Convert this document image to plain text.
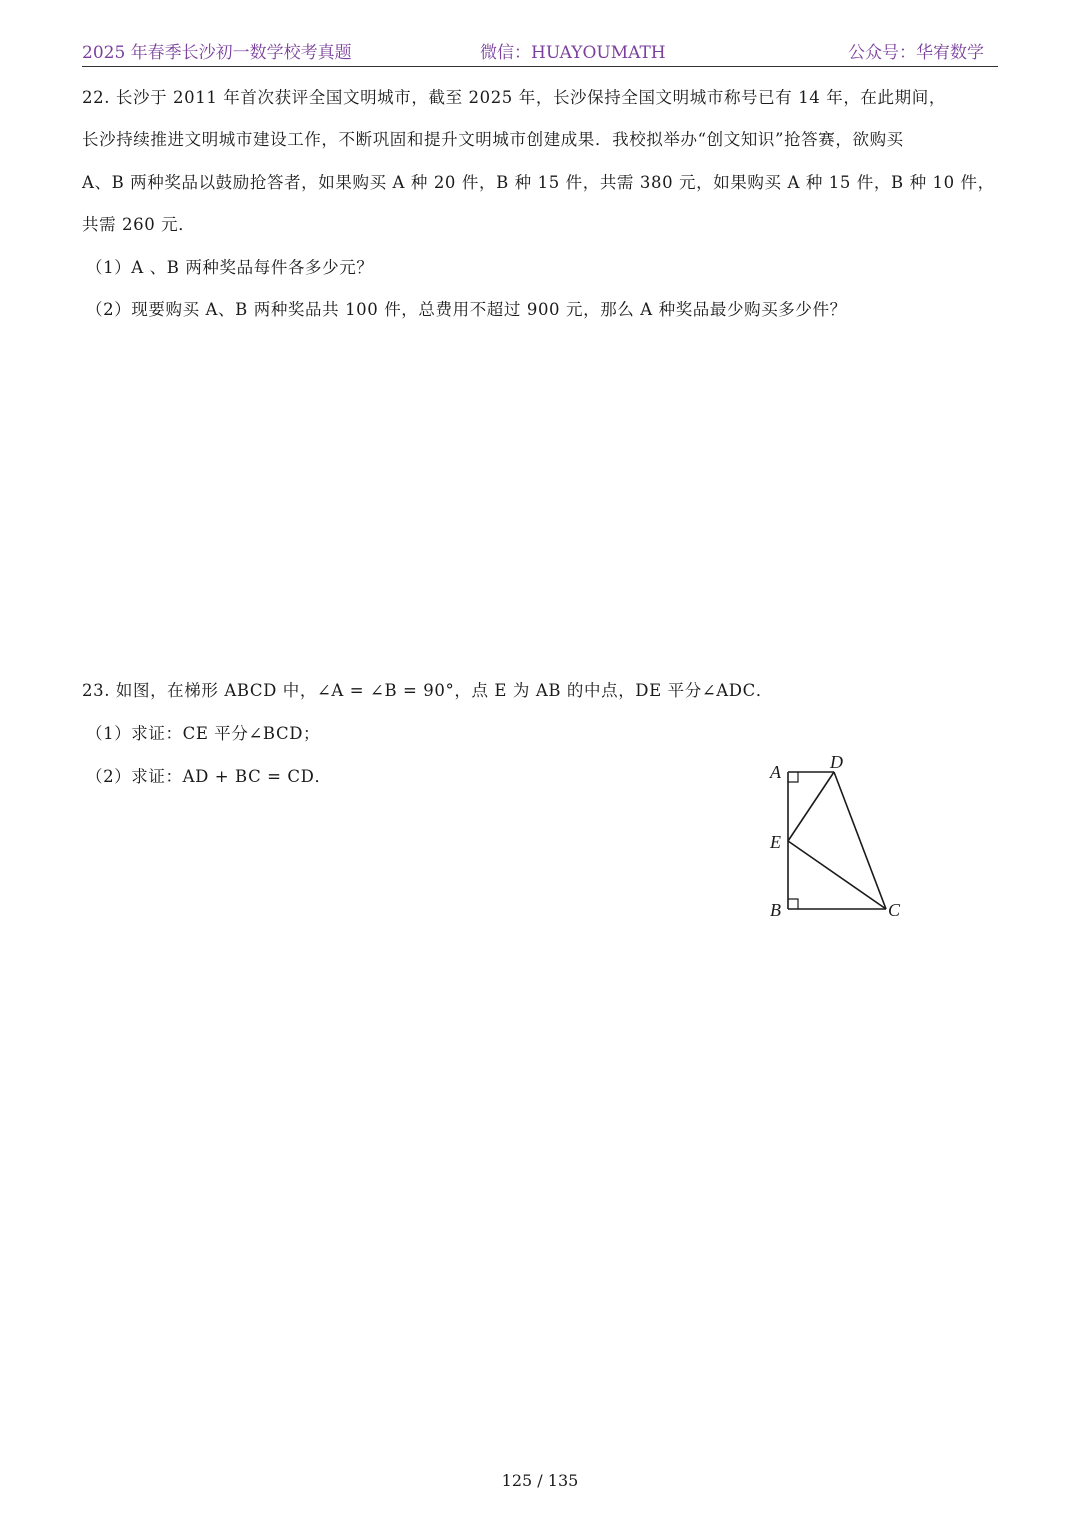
2025 年春季长沙初一数学校考真题	微信：HUAYOUMATH	公众号：华宥数学
22. 长沙于 2011 年首次获评全国文明城市，截至 2025 年，长沙保持全国文明城市称号已有 14 年，在此期间，
长沙持续推进文明城市建设工作，不断巩固和提升文明城市创建成果．我校拟举办“创文知识”抢答赛，欲购买
A、B 两种奖品以鼓励抢答者，如果购买 A 种 20 件，B 种 15 件，共需 380 元，如果购买 A 种 15 件，B 种 10 件，
共需 260 元．
（1）A 、B 两种奖品每件各多少元？
（2）现要购买 A、B 两种奖品共 100 件，总费用不超过 900 元，那么 A 种奖品最少购买多少件？
23. 如图，在梯形 ABCD 中，∠A = ∠B = 90°，点 E 为 AB 的中点，DE 平分∠ADC．
（1）求证：CE 平分∠BCD；
（2）求证：AD + BC = CD．	A	D
E
B	C
125 / 135
